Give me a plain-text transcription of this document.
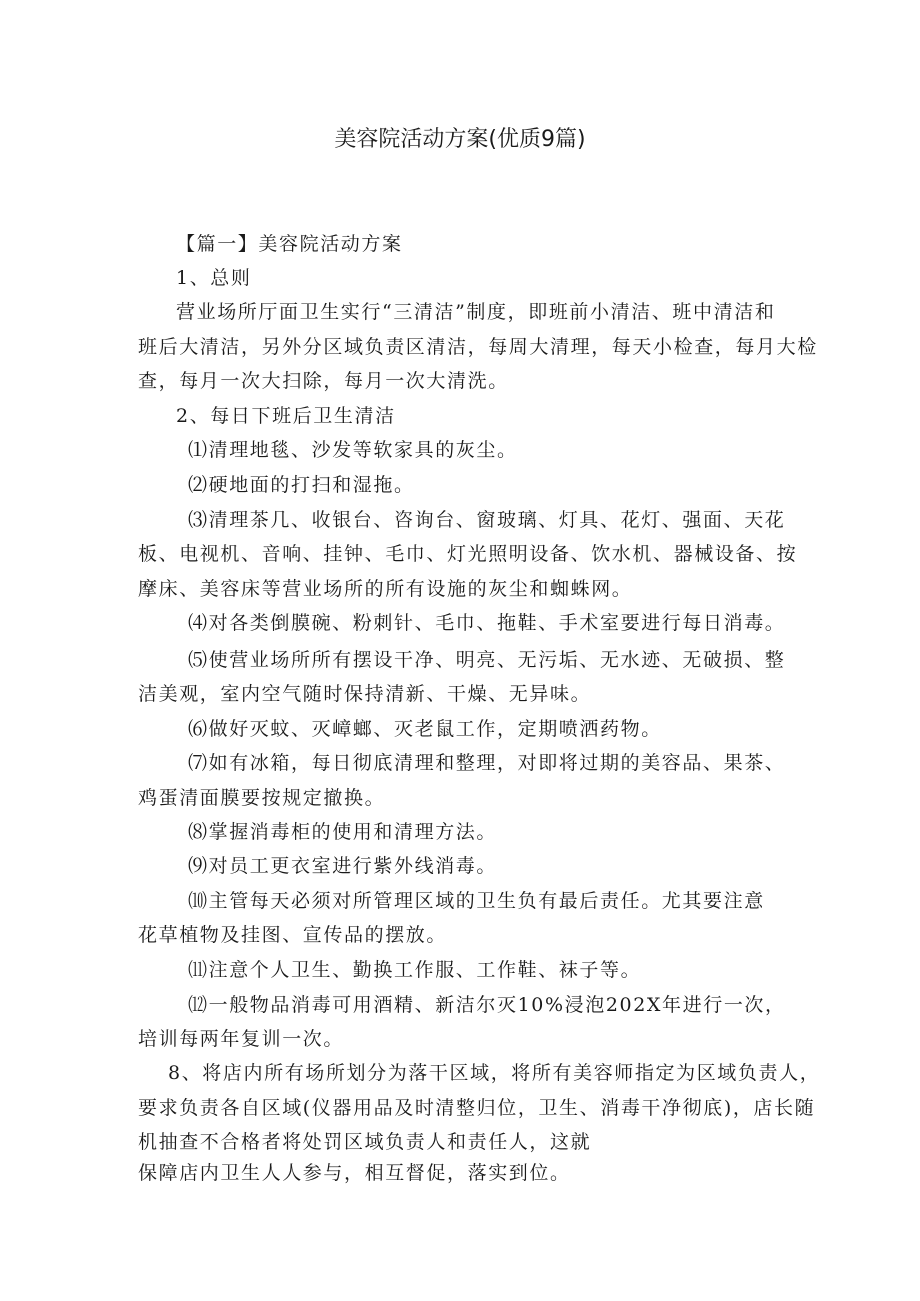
美容院活动方案(优质9篇)
【篇一】美容院活动方案
1、总则
营业场所厅面卫生实行“三清洁”制度，即班前小清洁、班中清洁和
班后大清洁，另外分区域负责区清洁，每周大清理，每天小检查，每月大检
查，每月一次大扫除，每月一次大清洗。
2、每日下班后卫生清洁
⑴清理地毯、沙发等软家具的灰尘。
⑵硬地面的打扫和湿拖。
⑶清理茶几、收银台、咨询台、窗玻璃、灯具、花灯、强面、天花
板、电视机、音响、挂钟、毛巾、灯光照明设备、饮水机、器械设备、按
摩床、美容床等营业场所的所有设施的灰尘和蜘蛛网。
⑷对各类倒膜碗、粉刺针、毛巾、拖鞋、手术室要进行每日消毒。
⑸使营业场所所有摆设干净、明亮、无污垢、无水迹、无破损、整
洁美观，室内空气随时保持清新、干燥、无异味。
⑹做好灭蚊、灭嶂螂、灭老鼠工作，定期喷洒药物。
⑺如有冰箱，每日彻底清理和整理，对即将过期的美容品、果茶、
鸡蛋清面膜要按规定撤换。
⑻掌握消毒柜的使用和清理方法。
⑼对员工更衣室进行紫外线消毒。
⑽主管每天必须对所管理区域的卫生负有最后责任。尤其要注意
花草植物及挂图、宣传品的摆放。
⑾注意个人卫生、勤换工作服、工作鞋、袜子等。
⑿一般物品消毒可用酒精、新洁尔灭10%浸泡202X年进行一次，
培训每两年复训一次。
8、将店内所有场所划分为落干区域，将所有美容师指定为区域负责人，
要求负责各自区域(仪器用品及时清整归位，卫生、消毒干净彻底)，店长随
机抽查不合格者将处罚区域负责人和责任人，这就
保障店内卫生人人参与，相互督促，落实到位。
